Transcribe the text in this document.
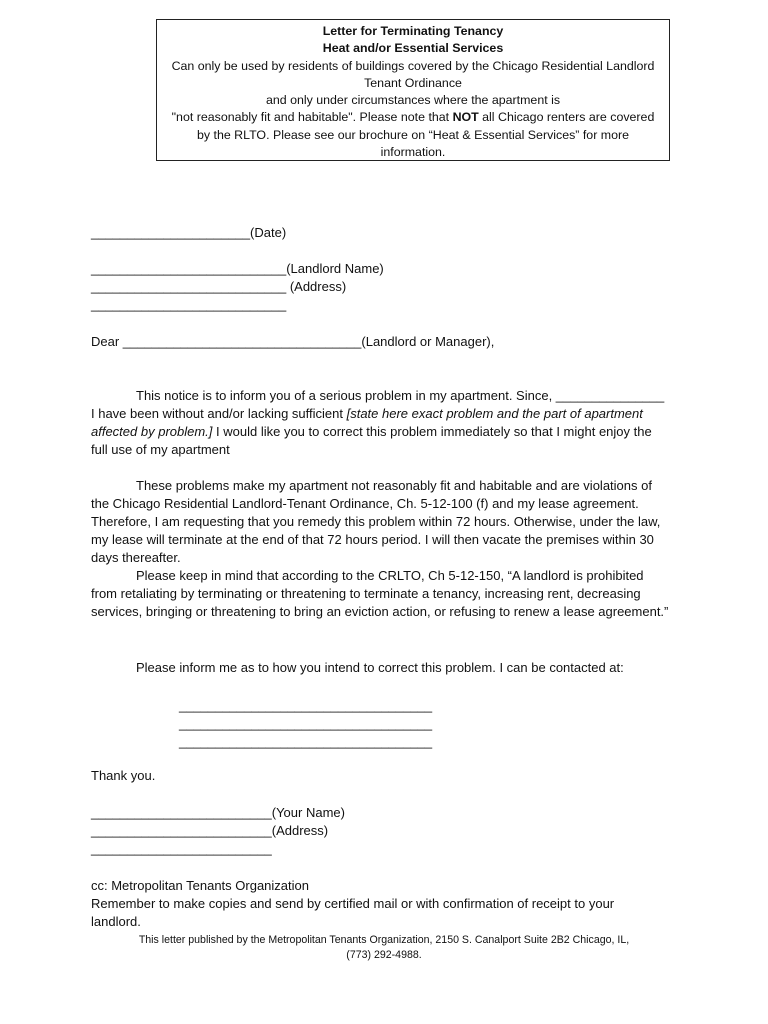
Letter for Terminating Tenancy
Heat and/or Essential Services
Can only be used by residents of buildings covered by the Chicago Residential Landlord
Tenant Ordinance
and only under circumstances where the apartment is
"not reasonably fit and habitable". Please note that NOT all Chicago renters are covered
by the RLTO. Please see our brochure on “Heat & Essential Services” for more
information.
______________________(Date)
___________________________(Landlord Name)
___________________________ (Address)
___________________________
Dear _________________________________(Landlord or Manager),
This notice is to inform you of a serious problem in my apartment. Since, _______________ I have been without and/or lacking sufficient [state here exact problem and the part of apartment affected by problem.] I would like you to correct this problem immediately so that I might enjoy the full use of my apartment
These problems make my apartment not reasonably fit and habitable and are violations of the Chicago Residential Landlord-Tenant Ordinance, Ch. 5-12-100 (f) and my lease agreement. Therefore, I am requesting that you remedy this problem within 72 hours. Otherwise, under the law, my lease will terminate at the end of that 72 hours period. I will then vacate the premises within 30 days thereafter.
Please keep in mind that according to the CRLTO, Ch 5-12-150, “A landlord is prohibited from retaliating by terminating or threatening to terminate a tenancy, increasing rent, decreasing services, bringing or threatening to bring an eviction action, or refusing to renew a lease agreement.”
Please inform me as to how you intend to correct this problem. I can be contacted at:
___________________________________
___________________________________
___________________________________
Thank you.
_________________________(Your Name)
_________________________(Address)
_________________________
cc: Metropolitan Tenants Organization
Remember to make copies and send by certified mail or with confirmation of receipt to your landlord.
This letter published by the Metropolitan Tenants Organization, 2150 S. Canalport Suite 2B2 Chicago, IL,
(773) 292-4988.
